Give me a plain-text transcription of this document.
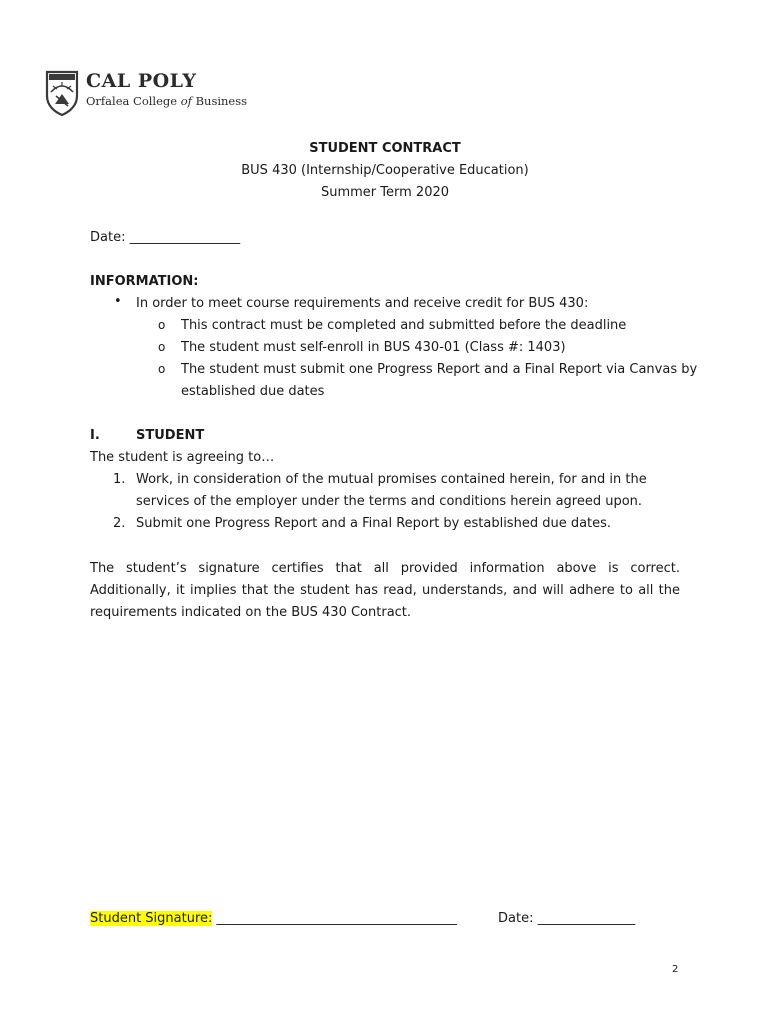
CAL POLY
Orfalea College of Business
STUDENT CONTRACT
BUS 430 (Internship/Cooperative Education)
Summer Term 2020
Date: _________________
INFORMATION:
• In order to meet course requirements and receive credit for BUS 430:
o This contract must be completed and submitted before the deadline
o The student must self-enroll in BUS 430-01 (Class #: 1403)
o The student must submit one Progress Report and a Final Report via Canvas by
established due dates
I.	STUDENT
The student is agreeing to…
1. Work, in consideration of the mutual promises contained herein, for and in the
services of the employer under the terms and conditions herein agreed upon.
2. Submit one Progress Report and a Final Report by established due dates.
The student’s signature certifies that all provided information above is correct. Additionally, it implies that the student has read, understands, and will adhere to all the requirements indicated on the BUS 430 Contract.
Student Signature: _____________________________________	Date: _______________
2
